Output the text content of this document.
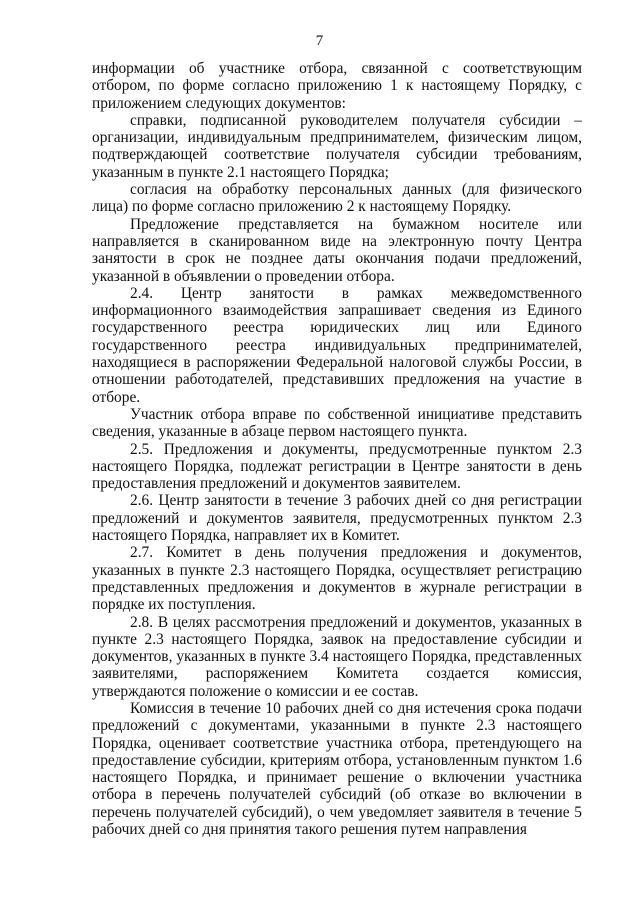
7

информации об участнике отбора, связанной с соответствующим отбором, по форме согласно приложению 1 к настоящему Порядку, с приложением следующих документов:

справки, подписанной руководителем получателя субсидии – организации, индивидуальным предпринимателем, физическим лицом, подтверждающей соответствие получателя субсидии требованиям, указанным в пункте 2.1 настоящего Порядка;

согласия на обработку персональных данных (для физического лица) по форме согласно приложению 2 к настоящему Порядку.

Предложение представляется на бумажном носителе или направляется в сканированном виде на электронную почту Центра занятости в срок не позднее даты окончания подачи предложений, указанной в объявлении о проведении отбора.

2.4. Центр занятости в рамках межведомственного информационного взаимодействия запрашивает сведения из Единого государственного реестра юридических лиц или Единого государственного реестра индивидуальных предпринимателей, находящиеся в распоряжении Федеральной налоговой службы России, в отношении работодателей, представивших предложения на участие в отборе.

Участник отбора вправе по собственной инициативе представить сведения, указанные в абзаце первом настоящего пункта.

2.5. Предложения и документы, предусмотренные пунктом 2.3 настоящего Порядка, подлежат регистрации в Центре занятости в день предоставления предложений и документов заявителем.

2.6. Центр занятости в течение 3 рабочих дней со дня регистрации предложений и документов заявителя, предусмотренных пунктом 2.3 настоящего Порядка, направляет их в Комитет.

2.7. Комитет в день получения предложения и документов, указанных в пункте 2.3 настоящего Порядка, осуществляет регистрацию представленных предложения и документов в журнале регистрации в порядке их поступления.

2.8. В целях рассмотрения предложений и документов, указанных в пункте 2.3 настоящего Порядка, заявок на предоставление субсидии и документов, указанных в пункте 3.4 настоящего Порядка, представленных заявителями, распоряжением Комитета создается комиссия, утверждаются положение о комиссии и ее состав.

Комиссия в течение 10 рабочих дней со дня истечения срока подачи предложений с документами, указанными в пункте 2.3 настоящего Порядка, оценивает соответствие участника отбора, претендующего на предоставление субсидии, критериям отбора, установленным пунктом 1.6 настоящего Порядка, и принимает решение о включении участника отбора в перечень получателей субсидий (об отказе во включении в перечень получателей субсидий), о чем уведомляет заявителя в течение 5 рабочих дней со дня принятия такого решения путем направления
